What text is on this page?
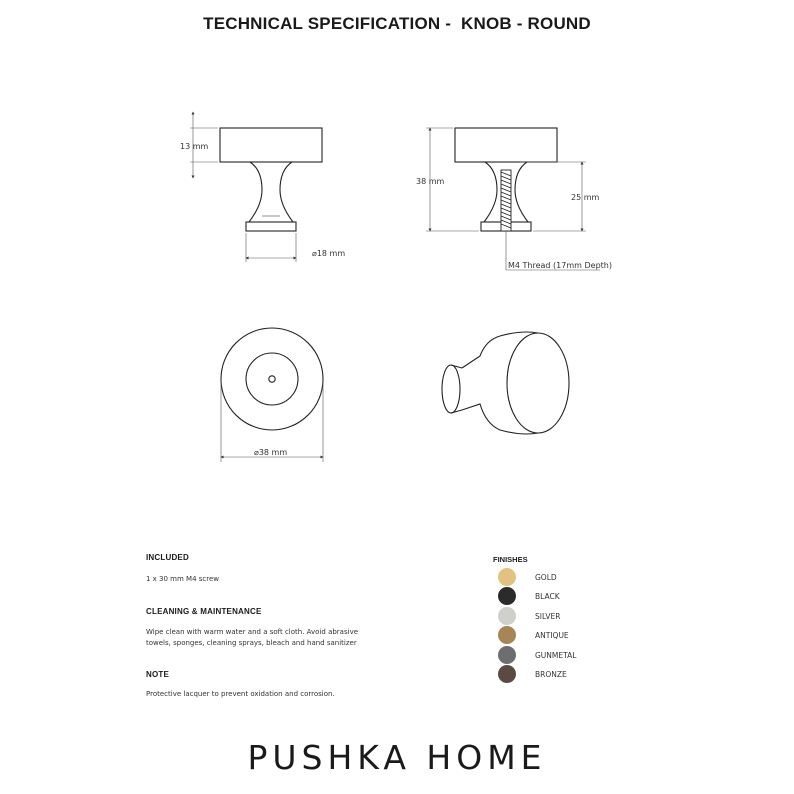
TECHNICAL SPECIFICATION -  KNOB - ROUND
13 mm
⌀18 mm
38 mm
25 mm
M4 Thread (17mm Depth)
⌀38 mm
INCLUDED
1 x 30 mm M4 screw
CLEANING & MAINTENANCE
Wipe clean with warm water and a soft cloth. Avoid abrasive
towels, sponges, cleaning sprays, bleach and hand sanitizer
NOTE
Protective lacquer to prevent oxidation and corrosion.
FINISHES
GOLD
BLACK
SILVER
ANTIQUE
GUNMETAL
BRONZE
PUSHKA HOME
